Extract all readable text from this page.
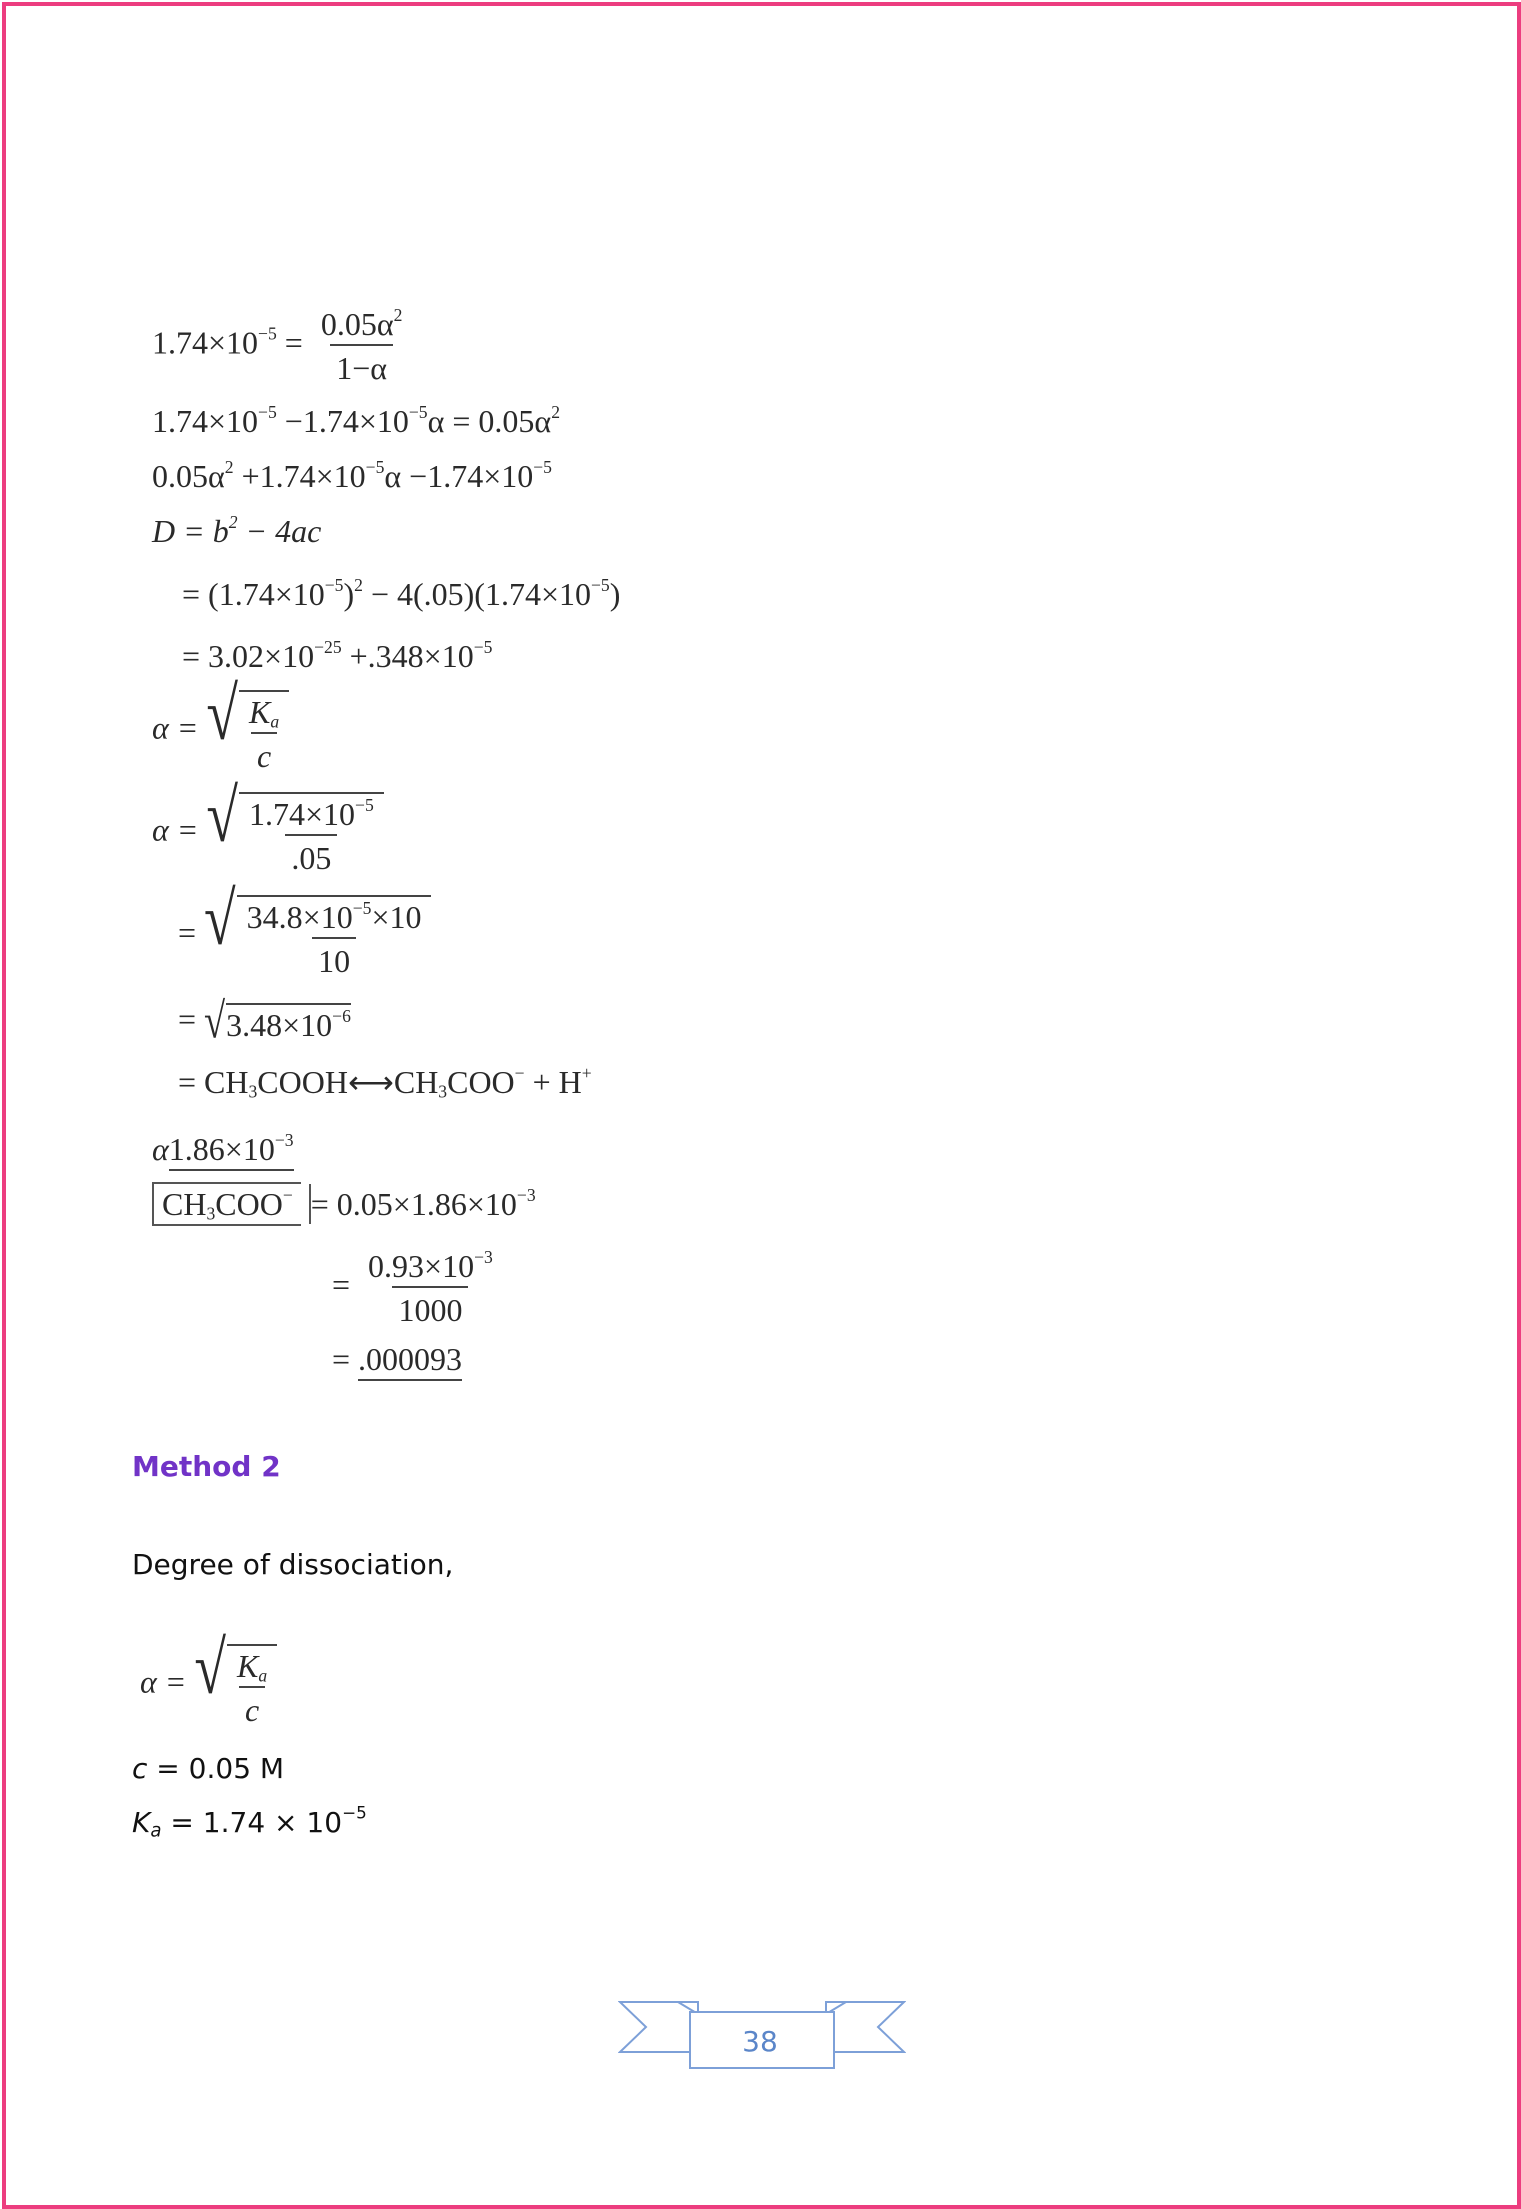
$1.74\times 10^{-5} = \frac{0.05\alpha^2}{1-\alpha}$
$1.74\times 10^{-5} -1.74\times 10^{-5}\alpha = 0.05\alpha^2$
$0.05\alpha^2 +1.74\times 10^{-5}\alpha -1.74\times 10^{-5}$
$D = b^2 - 4ac$
= $(1.74\times 10^{-5})^2 - 4(.05)(1.74\times 10^{-5})$
= $3.02\times 10^{-25} +.348\times 10^{-5}$
α = √ $\frac{K_a}{c}$
α = √ $\frac{1.74\times 10^{-5}}{.05}$
= √ $\frac{34.8\times 10^{-5}\times 10}{10}$
= √ $3.48\times 10^{-6}$
= $CH_3COOH⟷CH_3COO^- + H^+$
$\alpha 1.86\times 10^{-3}$
$CH_3COO^- = 0.05\times 1.86\times 10^{-3}$
= $\frac{0.93\times 10^{-3}}{1000}$
= .000093
Method 2
Degree of dissociation,
α = √ $\frac{K_a}{c}$
c = 0.05 M
$K_a = 1.74 \times 10^{-5}$
38
